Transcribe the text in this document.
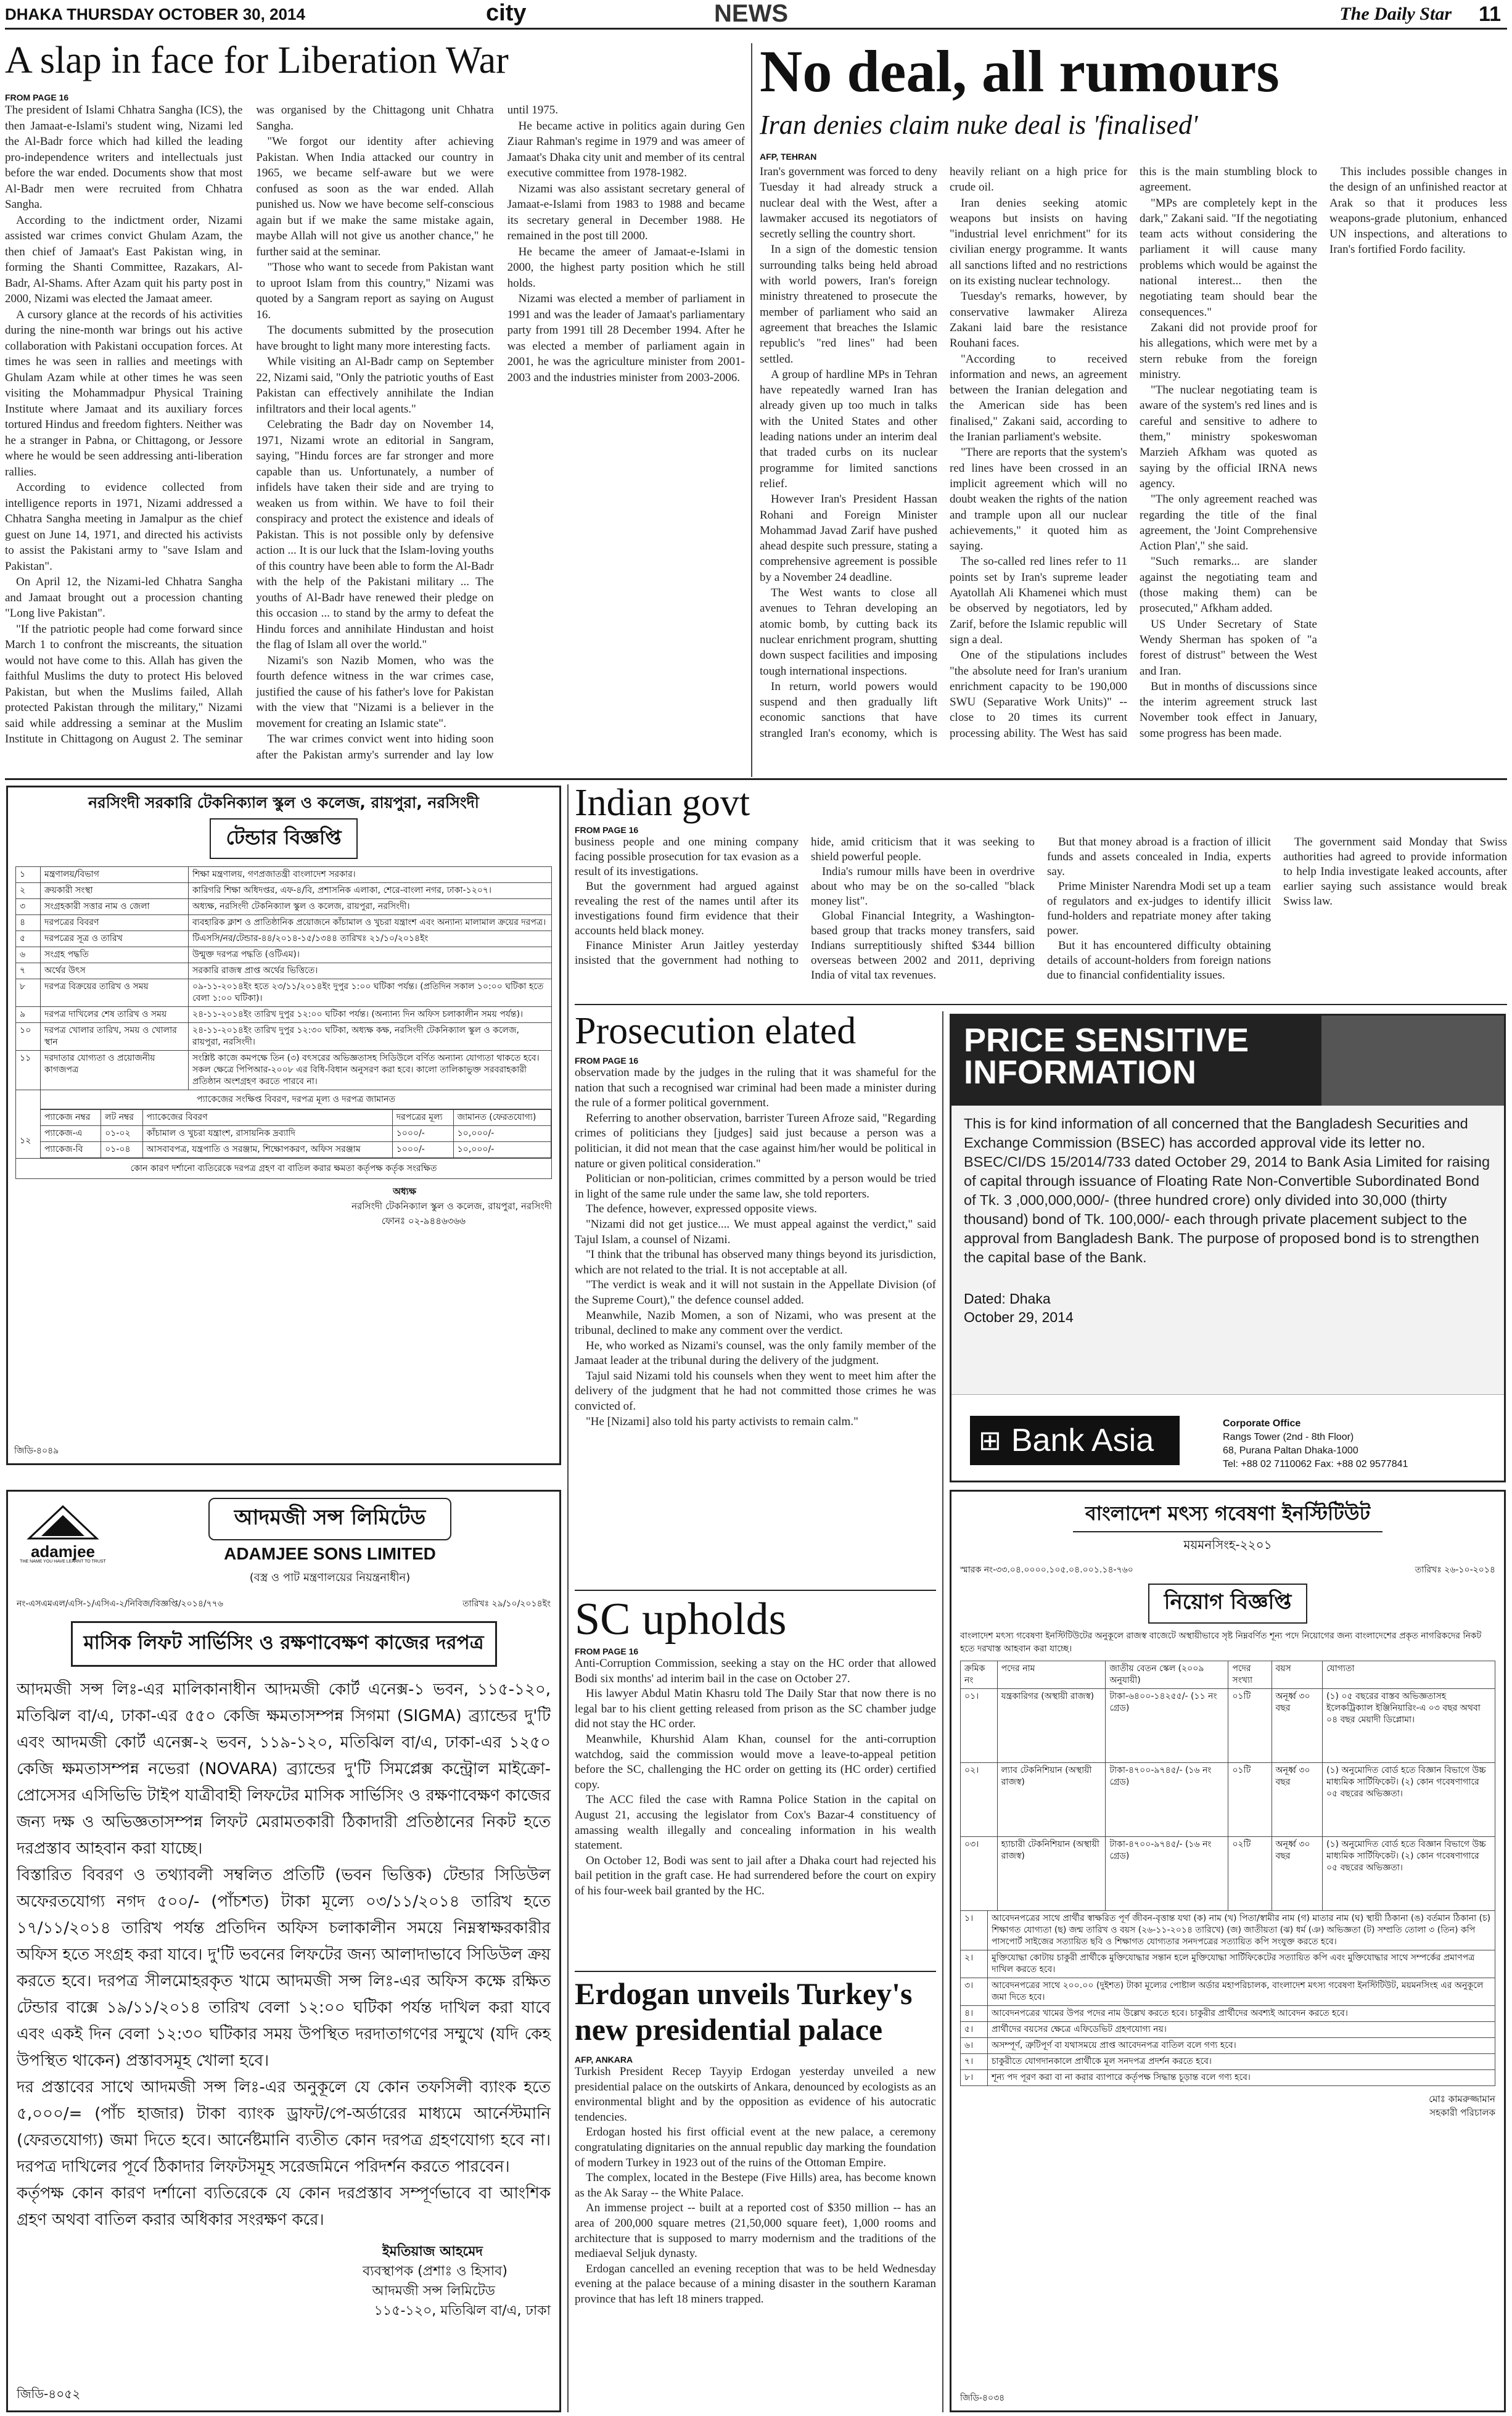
DHAKA THURSDAY OCTOBER 30, 2014	city	NEWS	The Daily Star 11
A slap in face for Liberation War
FROM PAGE 16

The president of Islami Chhatra Sangha (ICS), the then Jamaat-e-Islami's student wing, Nizami led the Al-Badr force which had killed the leading pro-independence writers and intellectuals just before the war ended. Documents show that most Al-Badr men were recruited from Chhatra Sangha.

According to the indictment order, Nizami assisted war crimes convict Ghulam Azam, the then chief of Jamaat's East Pakistan wing, in forming the Shanti Committee, Razakars, Al-Badr, Al-Shams. After Azam quit his party post in 2000, Nizami was elected the Jamaat ameer.

A cursory glance at the records of his activities during the nine-month war brings out his active collaboration with Pakistani occupation forces. At times he was seen in rallies and meetings with Ghulam Azam while at other times he was seen visiting the Mohammadpur Physical Training Institute where Jamaat and its auxiliary forces tortured Hindus and freedom fighters. Neither was he a stranger in Pabna, or Chittagong, or Jessore where he would be seen addressing anti-liberation rallies.

According to evidence collected from intelligence reports in 1971, Nizami addressed a Chhatra Sangha meeting in Jamalpur as the chief guest on June 14, 1971, and directed his activists to assist the Pakistani army to "save Islam and Pakistan".

On April 12, the Nizami-led Chhatra Sangha and Jamaat brought out a procession chanting "Long live Pakistan".

"If the patriotic people had come forward since March 1 to confront the miscreants, the situation would not have come to this. Allah has given the faithful Muslims the duty to protect His beloved Pakistan, but when the Muslims failed, Allah protected Pakistan through the military," Nizami said while addressing a seminar at the Muslim Institute in Chittagong on August 2. The seminar was organised by the Chittagong unit Chhatra Sangha.

"We forgot our identity after achieving Pakistan. When India attacked our country in 1965, we became self-aware but we were confused as soon as the war ended. Allah punished us. Now we have become self-conscious again but if we make the same mistake again, maybe Allah will not give us another chance," he further said at the seminar.

"Those who want to secede from Pakistan want to uproot Islam from this country," Nizami was quoted by a Sangram report as saying on August 16.

The documents submitted by the prosecution have brought to light many more interesting facts.

While visiting an Al-Badr camp on September 22, Nizami said, "Only the patriotic youths of East Pakistan can effectively annihilate the Indian infiltrators and their local agents."

Celebrating the Badr day on November 14, 1971, Nizami wrote an editorial in Sangram, saying, "Hindu forces are far stronger and more capable than us. Unfortunately, a number of infidels have taken their side and are trying to weaken us from within. We have to foil their conspiracy and protect the existence and ideals of Pakistan. This is not possible only by defensive action ... It is our luck that the Islam-loving youths of this country have been able to form the Al-Badr with the help of the Pakistani military ... The youths of Al-Badr have renewed their pledge on this occasion ... to stand by the army to defeat the Hindu forces and annihilate Hindustan and hoist the flag of Islam all over the world."

Nizami's son Nazib Momen, who was the fourth defence witness in the war crimes case, justified the cause of his father's love for Pakistan with the view that "Nizami is a believer in the movement for creating an Islamic state".

The war crimes convict went into hiding soon after the Pakistan army's surrender and lay low until 1975.

He became active in politics again during Gen Ziaur Rahman's regime in 1979 and was ameer of Jamaat's Dhaka city unit and member of its central executive committee from 1978-1982.

Nizami was also assistant secretary general of Jamaat-e-Islami from 1983 to 1988 and became its secretary general in December 1988. He remained in the post till 2000.

He became the ameer of Jamaat-e-Islami in 2000, the highest party position which he still holds.

Nizami was elected a member of parliament in 1991 and was the leader of Jamaat's parliamentary party from 1991 till 28 December 1994. After he was elected a member of parliament again in 2001, he was the agriculture minister from 2001-2003 and the industries minister from 2003-2006.

No deal, all rumours
Iran denies claim nuke deal is 'finalised'
AFP, TEHRAN

Iran's government was forced to deny Tuesday it had already struck a nuclear deal with the West, after a lawmaker accused its negotiators of secretly selling the country short.

In a sign of the domestic tension surrounding talks being held abroad with world powers, Iran's foreign ministry threatened to prosecute the member of parliament who said an agreement that breaches the Islamic republic's "red lines" had been settled.

A group of hardline MPs in Tehran have repeatedly warned Iran has already given up too much in talks with the United States and other leading nations under an interim deal that traded curbs on its nuclear programme for limited sanctions relief.

However Iran's President Hassan Rohani and Foreign Minister Mohammad Javad Zarif have pushed ahead despite such pressure, stating a comprehensive agreement is possible by a November 24 deadline.

The West wants to close all avenues to Tehran developing an atomic bomb, by cutting back its nuclear enrichment program, shutting down suspect facilities and imposing tough international inspections.

In return, world powers would suspend and then gradually lift economic sanctions that have strangled Iran's economy, which is heavily reliant on a high price for crude oil.

Iran denies seeking atomic weapons but insists on having "industrial level enrichment" for its civilian energy programme. It wants all sanctions lifted and no restrictions on its existing nuclear technology.

Tuesday's remarks, however, by conservative lawmaker Alireza Zakani laid bare the resistance Rouhani faces.

"According to received information and news, an agreement between the Iranian delegation and the American side has been finalised," Zakani said, according to the Iranian parliament's website.

"There are reports that the system's red lines have been crossed in an implicit agreement which will no doubt weaken the rights of the nation and trample upon all our nuclear achievements," it quoted him as saying.

The so-called red lines refer to 11 points set by Iran's supreme leader Ayatollah Ali Khamenei which must be observed by negotiators, led by Zarif, before the Islamic republic will sign a deal.

One of the stipulations includes "the absolute need for Iran's uranium enrichment capacity to be 190,000 SWU (Separative Work Units)" -- close to 20 times its current processing ability. The West has said this is the main stumbling block to agreement.

"MPs are completely kept in the dark," Zakani said. "If the negotiating team acts without considering the parliament it will cause many problems which would be against the national interest... then the negotiating team should bear the consequences."

Zakani did not provide proof for his allegations, which were met by a stern rebuke from the foreign ministry.

"The nuclear negotiating team is aware of the system's red lines and is careful and sensitive to adhere to them," ministry spokeswoman Marzieh Afkham was quoted as saying by the official IRNA news agency.

"The only agreement reached was regarding the title of the final agreement, the 'Joint Comprehensive Action Plan'," she said.

"Such remarks... are slander against the negotiating team and (those making them) can be prosecuted," Afkham added.

US Under Secretary of State Wendy Sherman has spoken of "a forest of distrust" between the West and Iran.

But in months of discussions since the interim agreement struck last November took effect in January, some progress has been made.

This includes possible changes in the design of an unfinished reactor at Arak so that it produces less weapons-grade plutonium, enhanced UN inspections, and alterations to Iran's fortified Fordo facility.

নরসিংদী সরকারি টেকনিক্যাল স্কুল ও কলেজ, রায়পুরা, নরসিংদী
টেন্ডার বিজ্ঞপ্তি
১	মন্ত্রণালয়/বিভাগ	শিক্ষা মন্ত্রণালয়, গণপ্রজাতন্ত্রী বাংলাদেশ সরকার।
২	ক্রয়কারী সংস্থা	কারিগরি শিক্ষা অধিদপ্তর, এফ-৪/বি, প্রশাসনিক এলাকা, শেরে-বাংলা নগর, ঢাকা-১২০৭।
৩	সংগ্রহকারী সত্তার নাম ও জেলা	অধ্যক্ষ, নরসিংদী টেকনিক্যাল স্কুল ও কলেজ, রায়পুরা, নরসিংদী।
৪	দরপত্রের বিবরণ	ব্যবহারিক ক্লাশ ও প্রাতিষ্ঠানিক প্রয়োজনে কাঁচামাল ও খুচরা যন্ত্রাংশ এবং অন্যান্য মালামাল ক্রয়ের দরপত্র।
৫	দরপত্রের সূত্র ও তারিখ	টিএসসি/নর/টেন্ডার-৪৪/২০১৪-১৫/১৩৪৪ তারিখঃ ২১/১০/২০১৪ইং
৬	সংগ্রহ পদ্ধতি	উন্মুক্ত দরপত্র পদ্ধতি (ওটিএম)।
৭	অর্থের উৎস	সরকারি রাজস্ব প্রাপ্ত অর্থের ভিত্তিতে।
৮	দরপত্র বিক্রয়ের তারিখ ও সময়	০৯-১১-২০১৪ইং হতে ২৩/১১/২০১৪ইং দুপুর ১:০০ ঘটিকা পর্যন্ত। (প্রতিদিন সকাল ১০:০০ ঘটিকা হতে বেলা ১:০০ ঘটিকা)।
৯	দরপত্র দাখিলের শেষ তারিখ ও সময়	২৪-১১-২০১৪ইং তারিখ দুপুর ১২:০০ ঘটিকা পর্যন্ত। (অন্যান্য দিন অফিস চলাকালীন সময় পর্যন্ত)।
১০	দরপত্র খোলার তারিখ, সময় ও খোলার স্থান	২৪-১১-২০১৪ইং তারিখ দুপুর ১২:৩০ ঘটিকা, অধ্যক্ষ কক্ষ, নরসিংদী টেকনিক্যাল স্কুল ও কলেজ, রায়পুরা, নরসিংদী।
১১	দরদাতার যোগ্যতা ও প্রয়োজনীয় কাগজপত্র	সংশ্লিষ্ট কাজে কমপক্ষে তিন (৩) বৎসরের অভিজ্ঞতাসহ সিডিউলে বর্ণিত অন্যান্য যোগ্যতা থাকতে হবে। সকল ক্ষেত্রে পিপিআর-২০০৮ এর বিধি-বিধান অনুসরণ করা হবে। কালো তালিকাভুক্ত সরবরাহকারী প্রতিষ্ঠান অংশগ্রহণ করতে পারবে না।
১২
প্যাকেজের সংক্ষিপ্ত বিবরণ, দরপত্র মূল্য ও দরপত্র জামানত
প্যাকেজ নম্বর	লট নম্বর	প্যাকেজের বিবরণ	দরপত্রের মূল্য	জামানত (ফেরতযোগ্য)
প্যাকেজ-এ	০১-০২	কাঁচামাল ও খুচরা যন্ত্রাংশ, রাসায়নিক দ্রব্যাদি	১০০০/-	১০,০০০/-
প্যাকেজ-বি	০১-০৪	আসবাবপত্র, যন্ত্রপাতি ও সরঞ্জাম, শিক্ষোপকরণ, অফিস সরঞ্জাম	১০০০/-	১০,০০০/-
কোন কারণ দর্শানো ব্যতিরেকে দরপত্র গ্রহণ বা বাতিল করার ক্ষমতা কর্তৃপক্ষ কর্তৃক সংরক্ষিত
অধ্যক্ষ
নরসিংদী টেকনিক্যাল স্কুল ও কলেজ, রায়পুরা, নরসিংদী
ফোনঃ ০২-৯৪৪৬৩৬৬
জিডি-৪০৪৯
adamjee
THE NAME YOU HAVE LEARNT TO TRUST
আদমজী সন্স লিমিটেড
ADAMJEE SONS LIMITED
(বস্ত্র ও পাট মন্ত্রণালয়ের নিয়ন্ত্রনাধীন)
নং-এসএমএল/এসি-১/এসিএ-২/নিবিজ/বিজ্ঞপ্তি/২০১৪/৭৭৬	তারিখঃ ২৯/১০/২০১৪ইং
মাসিক লিফট সার্ভিসিং ও রক্ষণাবেক্ষণ কাজের দরপত্র

আদমজী সন্স লিঃ-এর মালিকানাধীন আদমজী কোর্ট এনেক্স-১ ভবন, ১১৫-১২০, মতিঝিল বা/এ, ঢাকা-এর ৫৫০ কেজি ক্ষমতাসম্পন্ন সিগমা (SIGMA) ব্র্যান্ডের দু'টি এবং আদমজী কোর্ট এনেক্স-২ ভবন, ১১৯-১২০, মতিঝিল বা/এ, ঢাকা-এর ১২৫০ কেজি ক্ষমতাসম্পন্ন নভেরা (NOVARA) ব্র্যান্ডের দু'টি সিমপ্লেক্স কন্ট্রোল মাইক্রো-প্রোসেসর এসিভিভি টাইপ যাত্রীবাহী লিফটের মাসিক সার্ভিসিং ও রক্ষণাবেক্ষণ কাজের জন্য দক্ষ ও অভিজ্ঞতাসম্পন্ন লিফট মেরামতকারী ঠিকাদারী প্রতিষ্ঠানের নিকট হতে দরপ্রস্তাব আহবান করা যাচ্ছে।

বিস্তারিত বিবরণ ও তথ্যাবলী সম্বলিত প্রতিটি (ভবন ভিত্তিক) টেন্ডার সিডিউল অফেরতযোগ্য নগদ ৫০০/- (পাঁচশত) টাকা মূল্যে ০৩/১১/২০১৪ তারিখ হতে ১৭/১১/২০১৪ তারিখ পর্যন্ত প্রতিদিন অফিস চলাকালীন সময়ে নিম্নস্বাক্ষরকারীর অফিস হতে সংগ্রহ করা যাবে। দু'টি ভবনের লিফটের জন্য আলাদাভাবে সিডিউল ক্রয় করতে হবে। দরপত্র সীলমোহরকৃত খামে আদমজী সন্স লিঃ-এর অফিস কক্ষে রক্ষিত টেন্ডার বাক্সে ১৯/১১/২০১৪ তারিখ বেলা ১২:০০ ঘটিকা পর্যন্ত দাখিল করা যাবে এবং একই দিন বেলা ১২:৩০ ঘটিকার সময় উপস্থিত দরদাতাগণের সম্মুখে (যদি কেহ উপস্থিত থাকেন) প্রস্তাবসমূহ খোলা হবে।

দর প্রস্তাবের সাথে আদমজী সন্স লিঃ-এর অনুকূলে যে কোন তফসিলী ব্যাংক হতে ৫,০০০/= (পাঁচ হাজার) টাকা ব্যাংক ড্রাফট/পে-অর্ডারের মাধ্যমে আর্নেস্টমানি (ফেরতযোগ্য) জমা দিতে হবে। আর্নেষ্টমানি ব্যতীত কোন দরপত্র গ্রহণযোগ্য হবে না। দরপত্র দাখিলের পূর্বে ঠিকাদার লিফটসমূহ সরেজমিনে পরিদর্শন করতে পারবেন।

কর্তৃপক্ষ কোন কারণ দর্শানো ব্যতিরেকে যে কোন দরপ্রস্তাব সম্পূর্ণভাবে বা আংশিক গ্রহণ অথবা বাতিল করার অধিকার সংরক্ষণ করে।

ইমতিয়াজ আহমেদ
ব্যবস্থাপক (প্রশাঃ ও হিসাব)
আদমজী সন্স লিমিটেড
১১৫-১২০, মতিঝিল বা/এ, ঢাকা
জিডি-৪০৫২
Indian govt
FROM PAGE 16

business people and one mining company facing possible prosecution for tax evasion as a result of its investigations.

But the government had argued against revealing the rest of the names until after its investigations found firm evidence that their accounts held black money.

Finance Minister Arun Jaitley yesterday insisted that the government had nothing to hide, amid criticism that it was seeking to shield powerful people.

India's rumour mills have been in overdrive about who may be on the so-called "black money list".

Global Financial Integrity, a Washington-based group that tracks money transfers, said Indians surreptitiously shifted $344 billion overseas between 2002 and 2011, depriving India of vital tax revenues.

But that money abroad is a fraction of illicit funds and assets concealed in India, experts say.

Prime Minister Narendra Modi set up a team of regulators and ex-judges to identify illicit fund-holders and repatriate money after taking power.

But it has encountered difficulty obtaining details of account-holders from foreign nations due to financial confidentiality issues.

The government said Monday that Swiss authorities had agreed to provide information to help India investigate leaked accounts, after earlier saying such assistance would break Swiss law.

Prosecution elated
FROM PAGE 16

observation made by the judges in the ruling that it was shameful for the nation that such a recognised war criminal had been made a minister during the rule of a former political government.

Referring to another observation, barrister Tureen Afroze said, "Regarding crimes of politicians they [judges] said just because a person was a politician, it did not mean that the case against him/her would be political in nature or given political consideration."

Politician or non-politician, crimes committed by a person would be tried in light of the same rule under the same law, she told reporters.

The defence, however, expressed opposite views.

"Nizami did not get justice.... We must appeal against the verdict," said Tajul Islam, a counsel of Nizami.

"I think that the tribunal has observed many things beyond its jurisdiction, which are not related to the trial. It is not acceptable at all.

"The verdict is weak and it will not sustain in the Appellate Division (of the Supreme Court)," the defence counsel added.

Meanwhile, Nazib Momen, a son of Nizami, who was present at the tribunal, declined to make any comment over the verdict.

He, who worked as Nizami's counsel, was the only family member of the Jamaat leader at the tribunal during the delivery of the judgment.

Tajul said Nizami told his counsels when they went to meet him after the delivery of the judgment that he had not committed those crimes he was convicted of.

"He [Nizami] also told his party activists to remain calm."

PRICE SENSITIVE INFORMATION
This is for kind information of all concerned that the Bangladesh Securities and Exchange Commission (BSEC) has accorded approval vide its letter no. BSEC/CI/DS 15/2014/733 dated October 29, 2014 to Bank Asia Limited for raising of capital through issuance of Floating Rate Non-Convertible Subordinated Bond of Tk. 3 ,000,000,000/- (three hundred crore) only divided into 30,000 (thirty thousand) bond of Tk. 100,000/- each through private placement subject to the approval from Bangladesh Bank. The purpose of proposed bond is to strengthen the capital base of the Bank.
Dated: Dhaka
October 29, 2014
⊞ Bank Asia	Corporate Office
Rangs Tower (2nd - 8th Floor)
68, Purana Paltan Dhaka-1000
Tel: +88 02 7110062 Fax: +88 02 9577841
SC upholds
FROM PAGE 16

Anti-Corruption Commission, seeking a stay on the HC order that allowed Bodi six months' ad interim bail in the case on October 27.

His lawyer Abdul Matin Khasru told The Daily Star that now there is no legal bar to his client getting released from prison as the SC chamber judge did not stay the HC order.

Meanwhile, Khurshid Alam Khan, counsel for the anti-corruption watchdog, said the commission would move a leave-to-appeal petition before the SC, challenging the HC order on getting its (HC order) certified copy.

The ACC filed the case with Ramna Police Station in the capital on August 21, accusing the legislator from Cox's Bazar-4 constituency of amassing wealth illegally and concealing information in his wealth statement.

On October 12, Bodi was sent to jail after a Dhaka court had rejected his bail petition in the graft case. He had surrendered before the court on expiry of his four-week bail granted by the HC.

Erdogan unveils Turkey's new presidential palace
AFP, ANKARA

Turkish President Recep Tayyip Erdogan yesterday unveiled a new presidential palace on the outskirts of Ankara, denounced by ecologists as an environmental blight and by the opposition as evidence of his autocratic tendencies.

Erdogan hosted his first official event at the new palace, a ceremony congratulating dignitaries on the annual republic day marking the foundation of modern Turkey in 1923 out of the ruins of the Ottoman Empire.

The complex, located in the Bestepe (Five Hills) area, has become known as the Ak Saray -- the White Palace.

An immense project -- built at a reported cost of $350 million -- has an area of 200,000 square metres (21,50,000 square feet), 1,000 rooms and architecture that is supposed to marry modernism and the traditions of the mediaeval Seljuk dynasty.

Erdogan cancelled an evening reception that was to be held Wednesday evening at the palace because of a mining disaster in the southern Karaman province that has left 18 miners trapped.

বাংলাদেশ মৎস্য গবেষণা ইনস্টিটিউট
ময়মনসিংহ-২২০১
স্মারক নং-৩৩.০৪.০০০০.১০৫.০৪.০০১.১৪-৭৬০	তারিখঃ ২৬-১০-২০১৪
নিয়োগ বিজ্ঞপ্তি
বাংলাদেশ মৎস্য গবেষণা ইনস্টিটিউটের অনুকূলে রাজস্ব বাজেটে অস্থায়ীভাবে সৃষ্ট নিম্নবর্ণিত শূন্য পদে নিয়োগের জন্য বাংলাদেশের প্রকৃত নাগরিকদের নিকট হতে দরখাস্ত আহবান করা যাচ্ছে।
ক্রমিক নং	পদের নাম	জাতীয় বেতন স্কেল (২০০৯ অনুযায়ী)	পদের সংখ্যা	বয়স	যোগ্যতা
০১।	যন্ত্রকারিগর (অস্থায়ী রাজস্ব)	টাকা-৬৪০০-১৪২৫৫/- (১১ নং গ্রেড)	০১টি	অনূর্ধ্ব ৩০ বছর	(১) ০৫ বছরের বাস্তব অভিজ্ঞতাসহ ইলেকট্রিক্যাল ইঞ্জিনিয়ারিং-এ ০৩ বছর অথবা ০৪ বছর মেয়াদী ডিপ্লোমা।
০২।	ল্যাব টেকনিশিয়ান (অস্থায়ী রাজস্ব)	টাকা-৪৭০০-৯৭৪৫/- (১৬ নং গ্রেড)	০১টি	অনূর্ধ্ব ৩০ বছর	(১) অনুমোদিত বোর্ড হতে বিজ্ঞান বিভাগে উচ্চ মাধ্যমিক সার্টিফিকেট। (২) কোন গবেষণাগারে ০৫ বছরের অভিজ্ঞতা।
০৩।	হ্যাচারী টেকনিশিয়ান (অস্থায়ী রাজস্ব)	টাকা-৪৭০০-৯৭৪৫/- (১৬ নং গ্রেড)	০২টি	অনূর্ধ্ব ৩০ বছর	(১) অনুমোদিত বোর্ড হতে বিজ্ঞান বিভাগে উচ্চ মাধ্যমিক সার্টিফিকেট। (২) কোন গবেষণাগারে ০৫ বছরের অভিজ্ঞতা।
১।	আবেদনপত্রের সাথে প্রার্থীর স্বাক্ষরিত পূর্ণ জীবন-বৃত্তান্ত যথা (ক) নাম (খ) পিতা/স্বামীর নাম (গ) মাতার নাম (ঘ) স্থায়ী ঠিকানা (ঙ) বর্তমান ঠিকানা (চ) শিক্ষাগত যোগ্যতা (ছ) জন্ম তারিখ ও বয়স (২৬-১১-২০১৪ তারিখে) (জ) জাতীয়তা (ঝ) ধর্ম (ঞ) অভিজ্ঞতা (ট) সম্প্রতি তোলা ৩ (তিন) কপি পাসপোর্ট সাইজের সত্যায়িত ছবি ও শিক্ষাগত যোগ্যতার সনদপত্রের সত্যায়িত কপি সংযুক্ত করতে হবে।
২।	মুক্তিযোদ্ধা কোটায় চাকুরী প্রার্থীকে মুক্তিযোদ্ধার সন্তান হলে মুক্তিযোদ্ধা সার্টিফিকেটের সত্যায়িত কপি এবং মুক্তিযোদ্ধার সাথে সম্পর্কের প্রমাণপত্র দাখিল করতে হবে।
৩।	আবেদনপত্রের সাথে ২০০.০০ (দুইশত) টাকা মূল্যের পোষ্টাল অর্ডার মহাপরিচালক, বাংলাদেশ মৎস্য গবেষণা ইনস্টিটিউট, ময়মনসিংহ এর অনুকূলে জমা দিতে হবে।
৪।	আবেদনপত্রের খামের উপর পদের নাম উল্লেখ করতে হবে। চাকুরীর প্রার্থীদের অবশ্যই আবেদন করতে হবে।
৫।	প্রার্থীদের বয়সের ক্ষেত্রে এফিডেভিট গ্রহণযোগ্য নয়।
৬।	অসম্পূর্ণ, ত্রুটিপূর্ণ বা যথাসময়ে প্রাপ্ত আবেদনপত্র বাতিল বলে গণ্য হবে।
৭।	চাকুরীতে যোগদানকালে প্রার্থীকে মূল সনদপত্র প্রদর্শন করতে হবে।
৮।	শূন্য পদ পূরণ করা বা না করার ব্যাপারে কর্তৃপক্ষ সিদ্ধান্ত চূড়ান্ত বলে গণ্য হবে।
মোঃ কামরুজ্জামান
সহকারী পরিচালক
জিডি-৪০৩৪
